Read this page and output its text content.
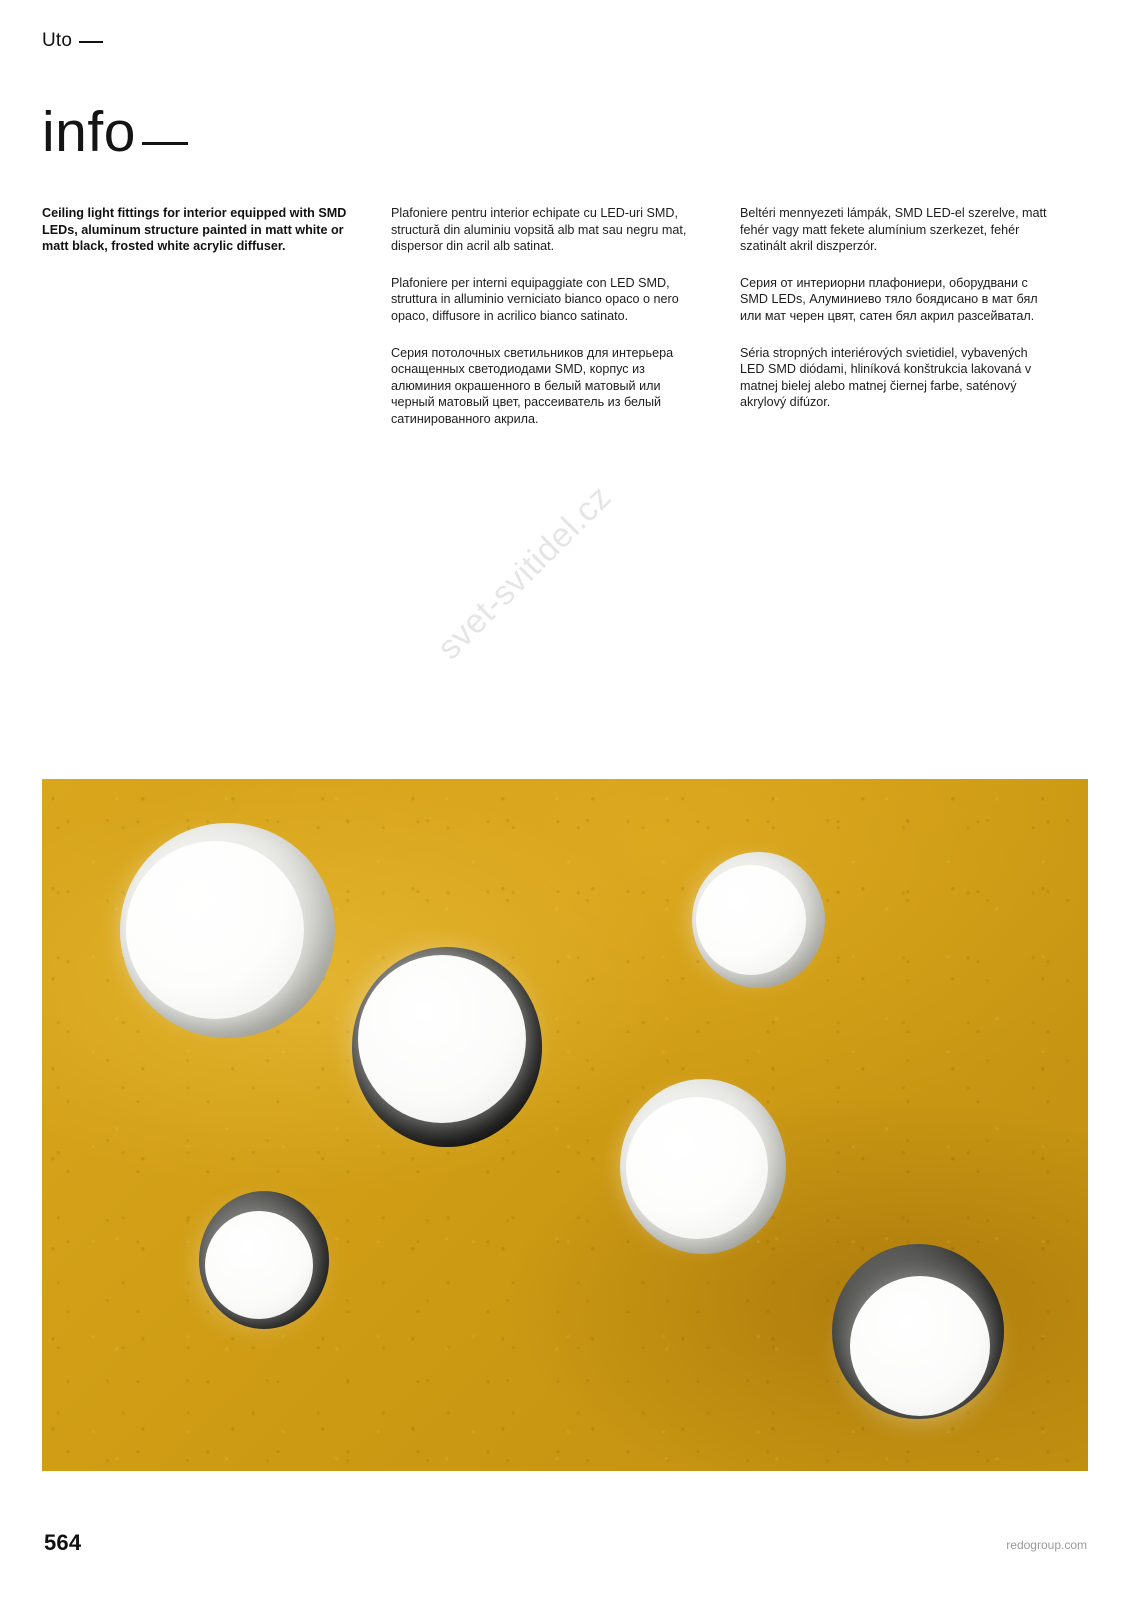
Uto
info

Ceiling light fittings for interior equipped with SMD LEDs, aluminum structure painted in matt white or matt black, frosted white acrylic diffuser.

Plafoniere pentru interior echipate cu LED-uri SMD, structură din aluminiu vopsită alb mat sau negru mat, dispersor din acril alb satinat.

Plafoniere per interni equipaggiate con LED SMD, struttura in alluminio verniciato bianco opaco o nero opaco, diffusore in acrilico bianco satinato.

Серия потолочных светильников для интерьера оснащенных светодиодами SMD, корпус из алюминия окрашенного в белый матовый или черный матовый цвет, рассеиватель из белый сатинированного акрила.

Beltéri mennyezeti lámpák, SMD LED-el szerelve, matt fehér vagy matt fekete alumínium szerkezet, fehér szatinált akril diszperzór.

Серия от интериорни плафониери, оборудвани с SMD LEDs, Алуминиево тяло боядисано в мат бял или мат черен цвят, сатен бял акрил разсейватал.

Séria stropných interiérových svietidiel, vybavených LED SMD diódami, hliníková konštrukcia lakovaná v matnej bielej alebo matnej čiernej farbe, saténový akrylový difúzor.

svet-svitidel.cz
564	redogroup.com
